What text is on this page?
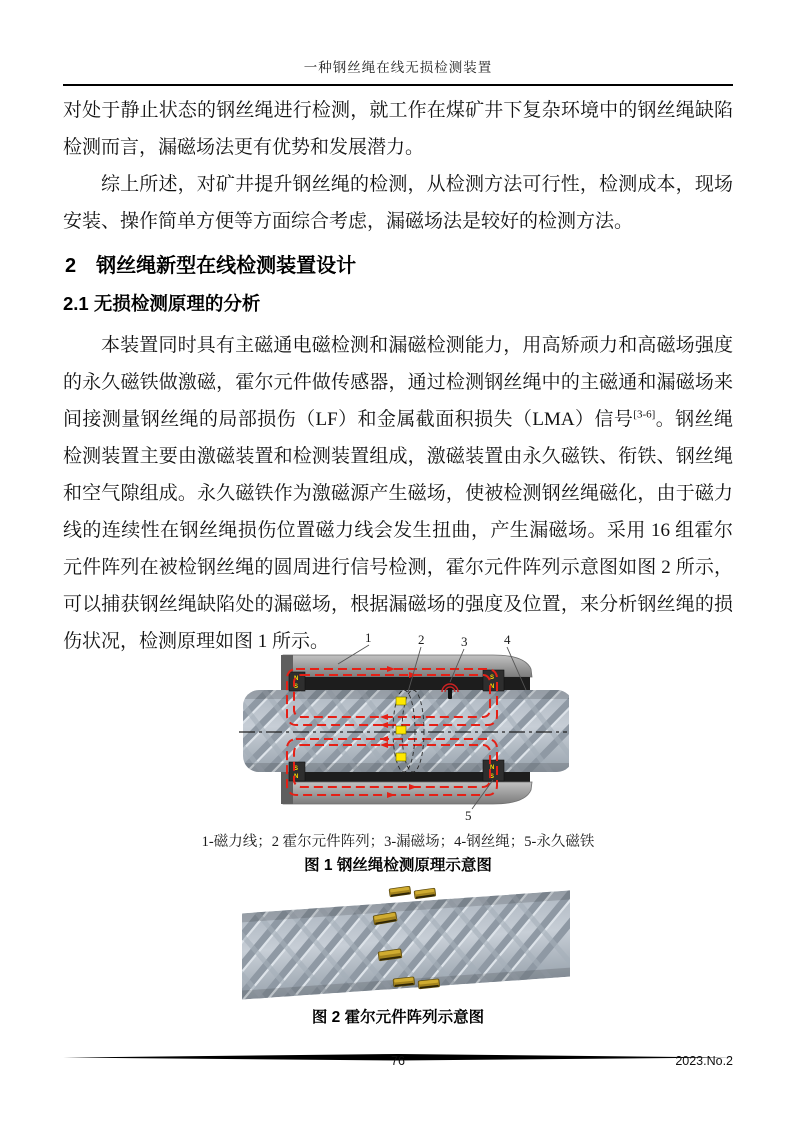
一种钢丝绳在线无损检测装置

对处于静止状态的钢丝绳进行检测，就工作在煤矿井下复杂环境中的钢丝绳缺陷检测而言，漏磁场法更有优势和发展潜力。

综上所述，对矿井提升钢丝绳的检测，从检测方法可行性，检测成本，现场安装、操作简单方便等方面综合考虑，漏磁场法是较好的检测方法。

2　钢丝绳新型在线检测装置设计
2.1 无损检测原理的分析

本装置同时具有主磁通电磁检测和漏磁检测能力，用高矫顽力和高磁场强度的永久磁铁做激磁，霍尔元件做传感器，通过检测钢丝绳中的主磁通和漏磁场来间接测量钢丝绳的局部损伤（LF）和金属截面积损失（LMA）信号[3-6]。钢丝绳检测装置主要由激磁装置和检测装置组成，激磁装置由永久磁铁、衔铁、钢丝绳和空气隙组成。永久磁铁作为激磁源产生磁场，使被检测钢丝绳磁化，由于磁力线的连续性在钢丝绳损伤位置磁力线会发生扭曲，产生漏磁场。采用 16 组霍尔元件阵列在被检钢丝绳的圆周进行信号检测，霍尔元件阵列示意图如图 2 所示，可以捕获钢丝绳缺陷处的漏磁场，根据漏磁场的强度及位置，来分析钢丝绳的损伤状况，检测原理如图 1 所示。

N
S
S
N
S
N
N
S
1	2	3	4
5
1-磁力线；2 霍尔元件阵列；3-漏磁场；4-钢丝绳；5-永久磁铁
图 1 钢丝绳检测原理示意图
图 2 霍尔元件阵列示意图
76	2023.No.2
